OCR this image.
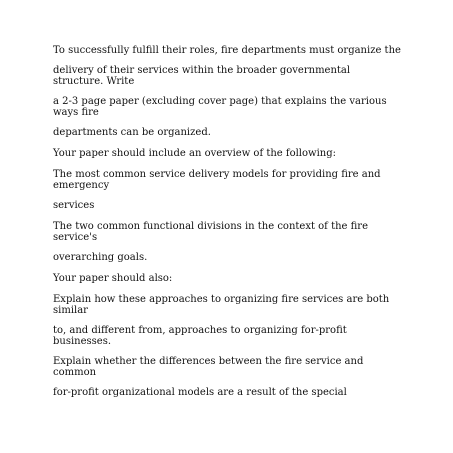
To successfully fulfill their roles, fire departments must organize the

delivery of their services within the broader governmental structure. Write

a 2-3 page paper (excluding cover page) that explains the various ways fire

departments can be organized.

Your paper should include an overview of the following:

The most common service delivery models for providing fire and emergency

services

The two common functional divisions in the context of the fire service's

overarching goals.

Your paper should also:

Explain how these approaches to organizing fire services are both similar

to, and different from, approaches to organizing for-profit businesses.

Explain whether the differences between the fire service and common

for-profit organizational models are a result of the special
